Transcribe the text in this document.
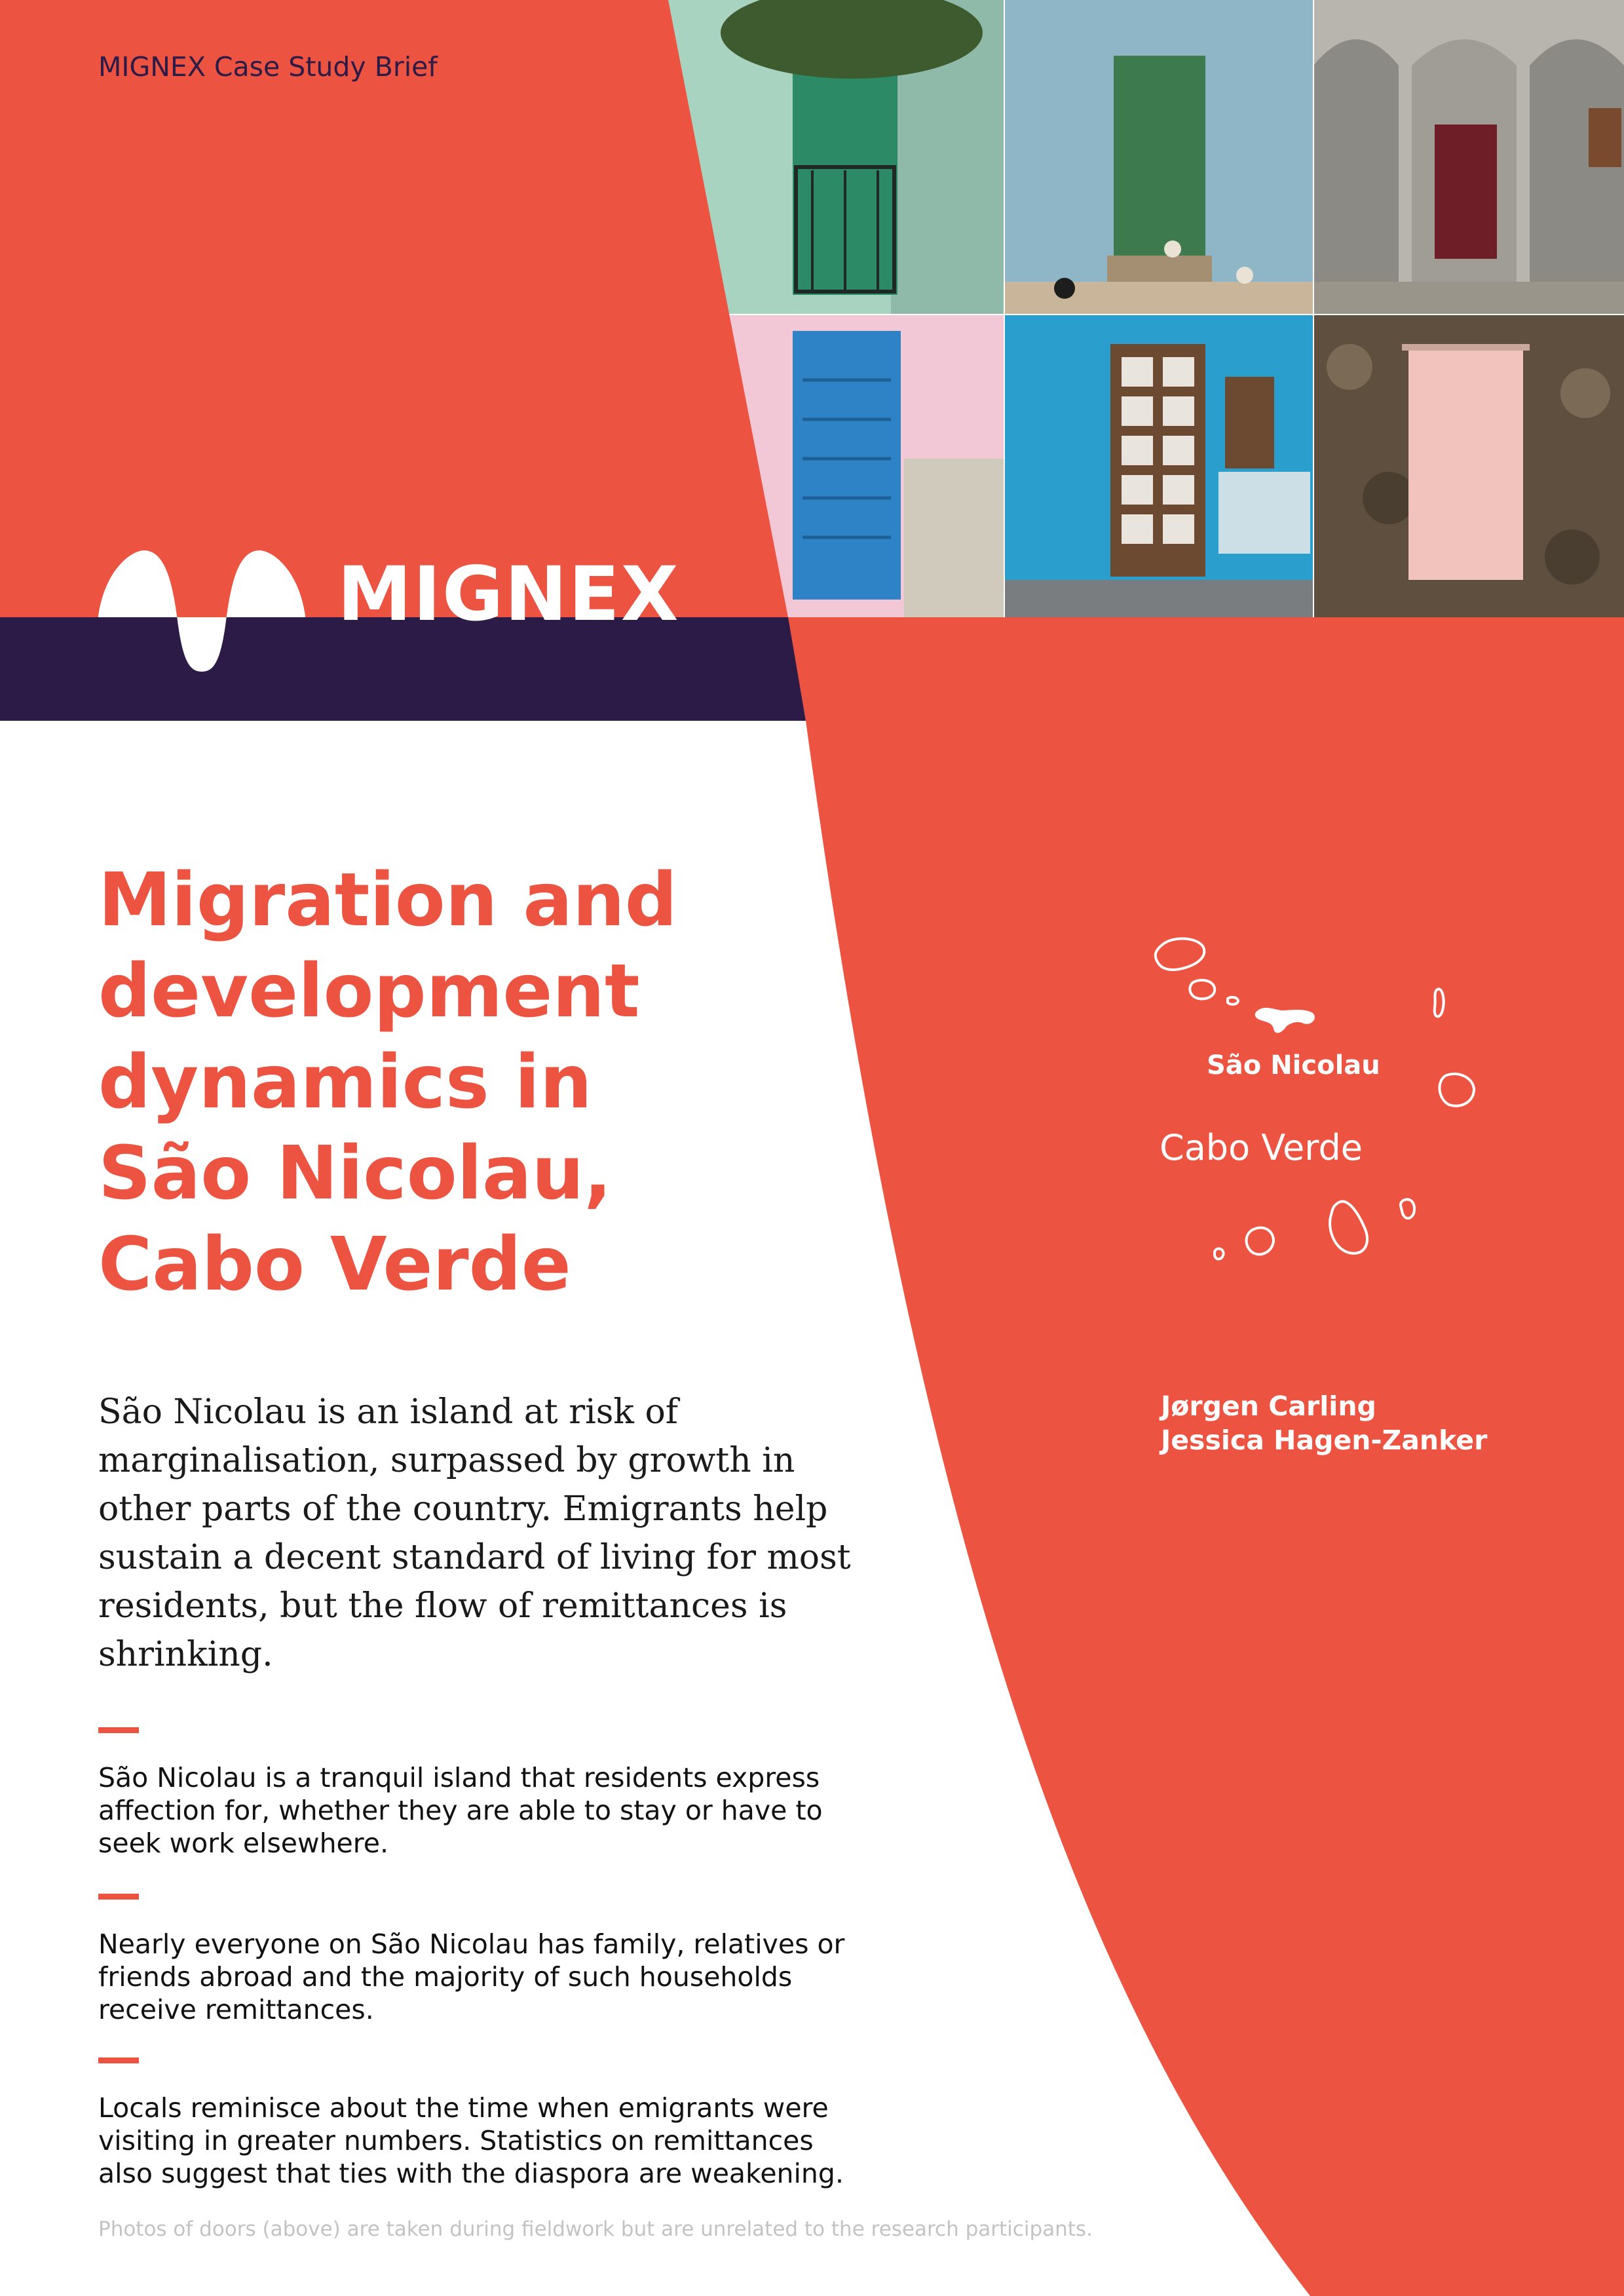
MIGNEX Case Study Brief
MIGNEX
Migration and
development
dynamics in
São Nicolau,
Cabo Verde
São Nicolau is an island at risk of
marginalisation, surpassed by growth in
other parts of the country. Emigrants help
sustain a decent standard of living for most
residents, but the flow of remittances is
shrinking.
São Nicolau is a tranquil island that residents express
affection for, whether they are able to stay or have to
seek work elsewhere.
Nearly everyone on São Nicolau has family, relatives or
friends abroad and the majority of such households
receive remittances.
Locals reminisce about the time when emigrants were
visiting in greater numbers. Statistics on remittances
also suggest that ties with the diaspora are weakening.
Photos of doors (above) are taken during fieldwork but are unrelated to the research participants.
São Nicolau
Cabo Verde
Jørgen Carling
Jessica Hagen-Zanker
